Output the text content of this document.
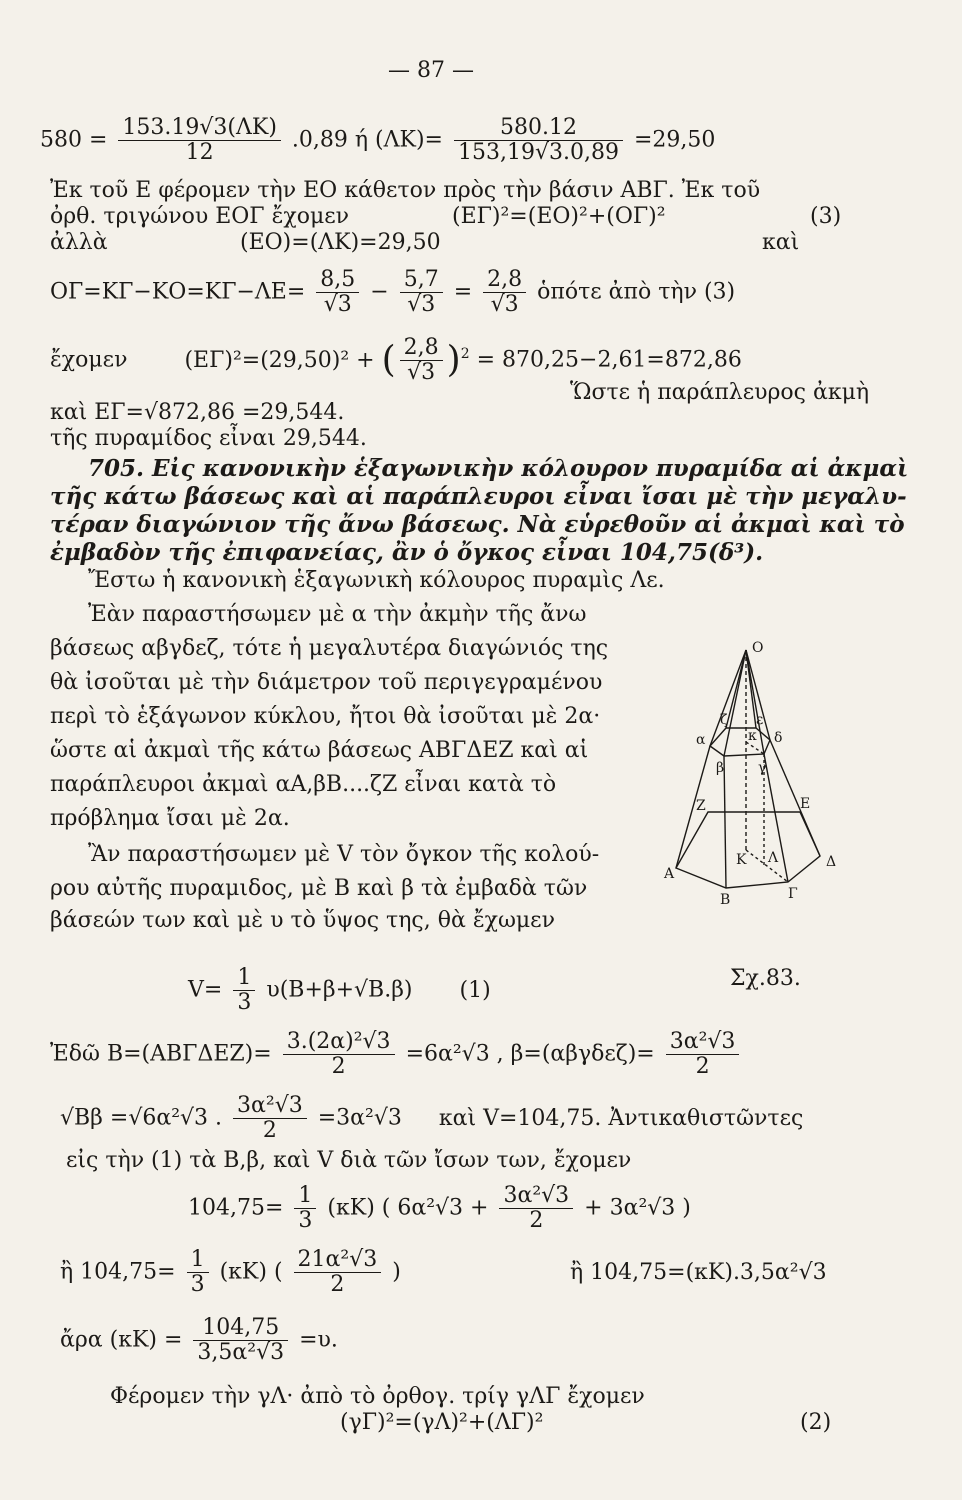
— 87 —
$580 = \frac{153.19√3(\Lambda K)}{12} .0,89$ ή $(\Lambda K)= \frac{580.12}{153,19√3.0,89} =29,50$
Ἐκ τοῦ Ε φέρομεν τὴν ΕΟ κάθετον πρὸς τὴν βάσιν ΑΒΓ. Ἐκ τοῦ
ὀρθ. τριγώνου ΕΟΓ ἔχομεν	(ΕΓ)²=(ΕΟ)²+(ΟΓ)²	(3)
ἀλλὰ	(ΕΟ)=(ΛΚ)=29,50	καὶ
$O\Gamma=K\Gamma-KO=K\Gamma-\Lambda E= \frac{8,5}{√3} - \frac{5,7}{√3} = \frac{2,8}{√3}$ ὁπότε ἀπὸ τὴν (3)
ἔχομεν	(ΕΓ)²=(29,50)² + ( $\frac{2,8}{√3} )^2 = 870,25-2,61=872,86$
καὶ ΕΓ=√872,86 =29,544.
Ὥστε ἡ παράπλευρος ἀκμὴ
τῆς πυραμίδος εἶναι 29,544.
705. Εἰς κανονικὴν ἑξαγωνικὴν κόλουρον πυραμίδα αἱ ἀκμαὶ
τῆς κάτω βάσεως καὶ αἱ παράπλευροι εἶναι ἴσαι μὲ τὴν μεγαλυ-
τέραν διαγώνιον τῆς ἄνω βάσεως. Νὰ εὑρεθοῦν αἱ ἀκμαὶ καὶ τὸ
ἐμβαδὸν τῆς ἐπιφανείας, ἂν ὁ ὄγκος εἶναι 104,75(δ³).
Ἔστω ἡ κανονικὴ ἑξαγωνικὴ κόλουρος πυραμὶς Λε.
Ἐὰν παραστήσωμεν μὲ α τὴν ἀκμὴν τῆς ἄνω
βάσεως αβγδεζ, τότε ἡ μεγαλυτέρα διαγώνιός της
θὰ ἰσοῦται μὲ τὴν διάμετρον τοῦ περιγεγραμένου
περὶ τὸ ἑξάγωνον κύκλου, ἤτοι θὰ ἰσοῦται μὲ 2α·
ὥστε αἱ ἀκμαὶ τῆς κάτω βάσεως ΑΒΓΔΕΖ καὶ αἱ
παράπλευροι ἀκμαὶ αΑ,βΒ....ζΖ εἶναι κατὰ τὸ
πρόβλημα ἴσαι μὲ 2α.
Ἂν παραστήσωμεν μὲ V τὸν ὄγκον τῆς κολού-
ρου αὐτῆς πυραμιδος, μὲ Β καὶ β τὰ ἐμβαδὰ τῶν
βάσεών των καὶ μὲ υ τὸ ὕψος της, θὰ ἔχωμεν
O
α
β γ
δ
ε
ζ
κ
Α
Β	Γ
Δ
Ε
Ζ
Κ Λ
$V= \frac{1}{3} \upsilon(B+\beta+√B.\beta)$ (1)	Σχ.83.
Ἐδῶ $B=(AB\Gamma\Delta EZ)= \frac{\text{3.(2α)²√3}}{2} =6\alpha^2√3$ , $\beta=(\alpha\beta\gamma\delta\varepsilon\zeta)= \frac{\text{3α²√3}}{2}$
√Ββ =√6α²√3 . $\frac{\text{3α²√3}}{2} =3\alpha^2√3$ καὶ V=104,75. Ἀντικαθιστῶντες
εἰς τὴν (1) τὰ Β,β, καὶ V διὰ τῶν ἴσων των, ἔχομεν
$104,75= \frac{1}{3} (\kappa K)$ ( $6\alpha^2√3 + \frac{\text{3α²√3}}{2} + 3\alpha^2√3$ )
ἢ $104,75= \frac{1}{3} (\kappa K)$ ( $\frac{\text{21α²√3}}{2}$ )	ἢ 104,75=(κΚ).3,5α²√3
ἄρα $(\kappa K) = \frac{104,75}{\text{3,5α²√3}} =\upsilon$.
Φέρομεν τὴν γΛ· ἀπὸ τὸ ὀρθογ. τρίγ γΛΓ ἔχομεν
(γΓ)²=(γΛ)²+(ΛΓ)²	(2)
